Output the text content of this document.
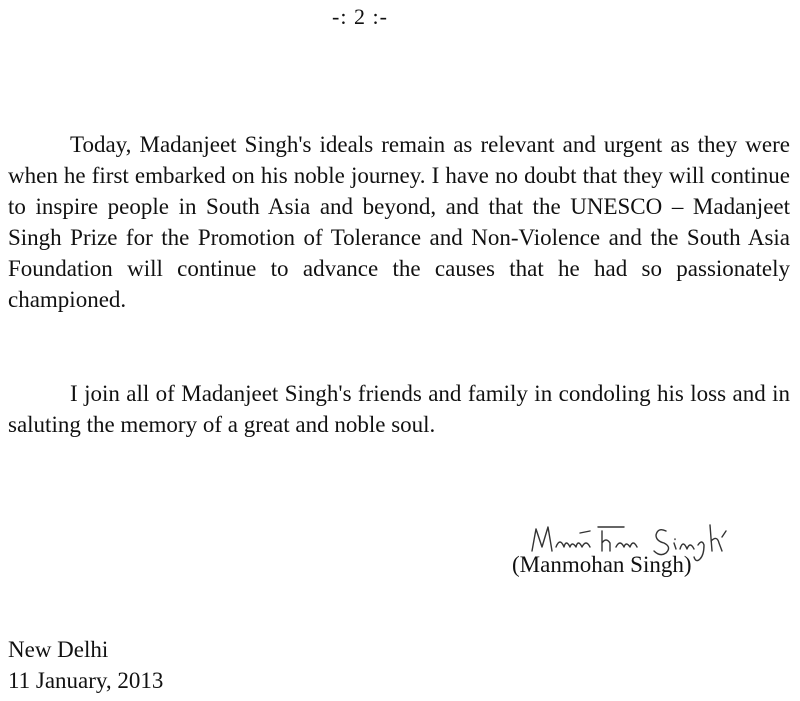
-: 2 :-

Today, Madanjeet Singh's ideals remain as relevant and urgent as they were when he first embarked on his noble journey. I have no doubt that they will continue to inspire people in South Asia and beyond, and that the UNESCO – Madanjeet Singh Prize for the Promotion of Tolerance and Non-Violence and the South Asia Foundation will continue to advance the causes that he had so passionately championed.

I join all of Madanjeet Singh's friends and family in condoling his loss and in saluting the memory of a great and noble soul.

(Manmohan Singh)
New Delhi
11 January, 2013
